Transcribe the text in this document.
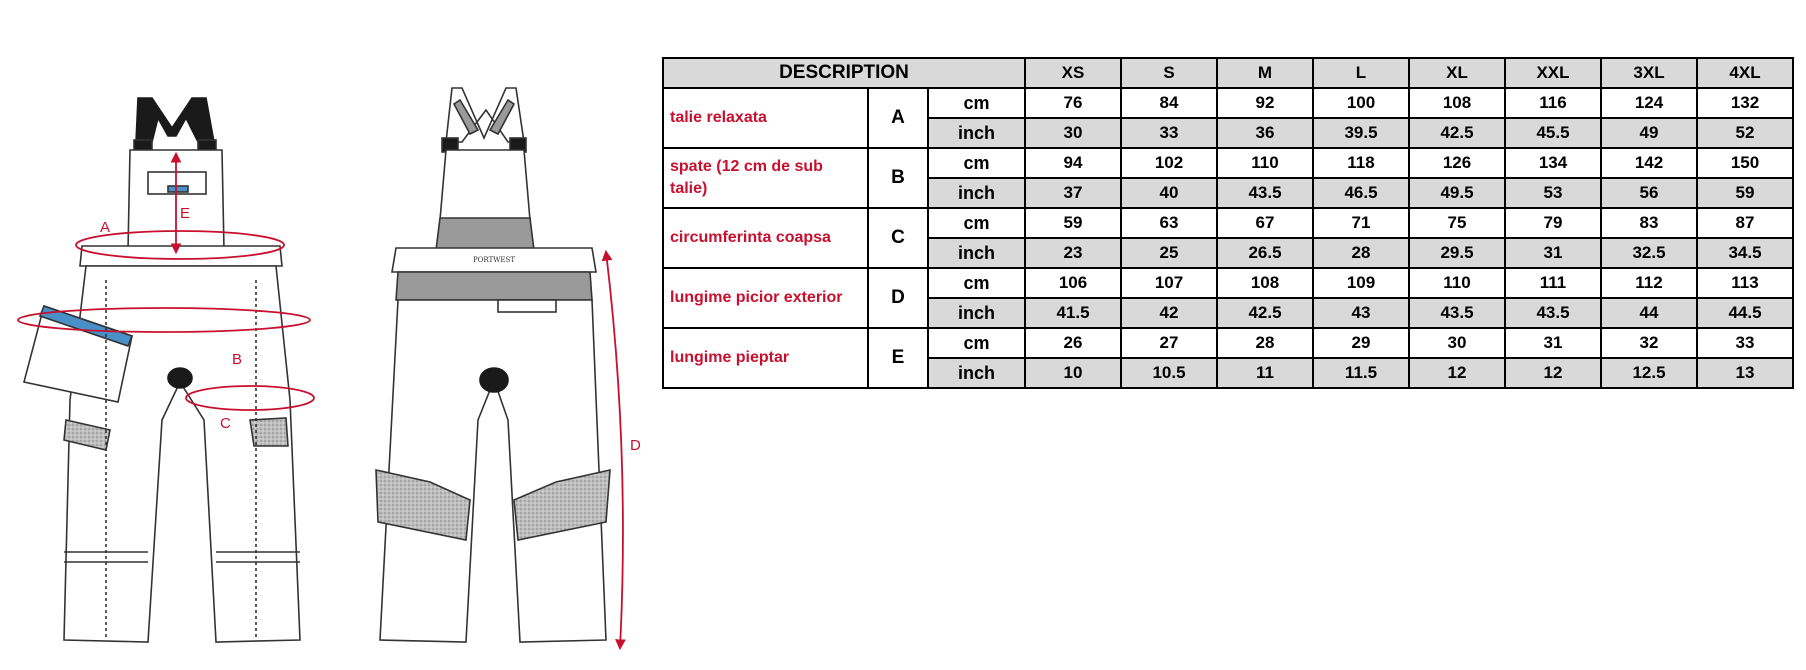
PORTWEST
A
B
C
D
E
DESCRIPTION			XS	S	M	L	XL	XXL	3XL	4XL
talie relaxata	A	cm	76	84	92	100	108	116	124	132
		inch	30	33	36	39.5	42.5	45.5	49	52
spate (12 cm de sub talie)	B	cm	94	102	110	118	126	134	142	150
		inch	37	40	43.5	46.5	49.5	53	56	59
circumferinta coapsa	C	cm	59	63	67	71	75	79	83	87
		inch	23	25	26.5	28	29.5	31	32.5	34.5
lungime picior exterior	D	cm	106	107	108	109	110	111	112	113
		inch	41.5	42	42.5	43	43.5	43.5	44	44.5
lungime pieptar	E	cm	26	27	28	29	30	31	32	33
		inch	10	10.5	11	11.5	12	12	12.5	13
